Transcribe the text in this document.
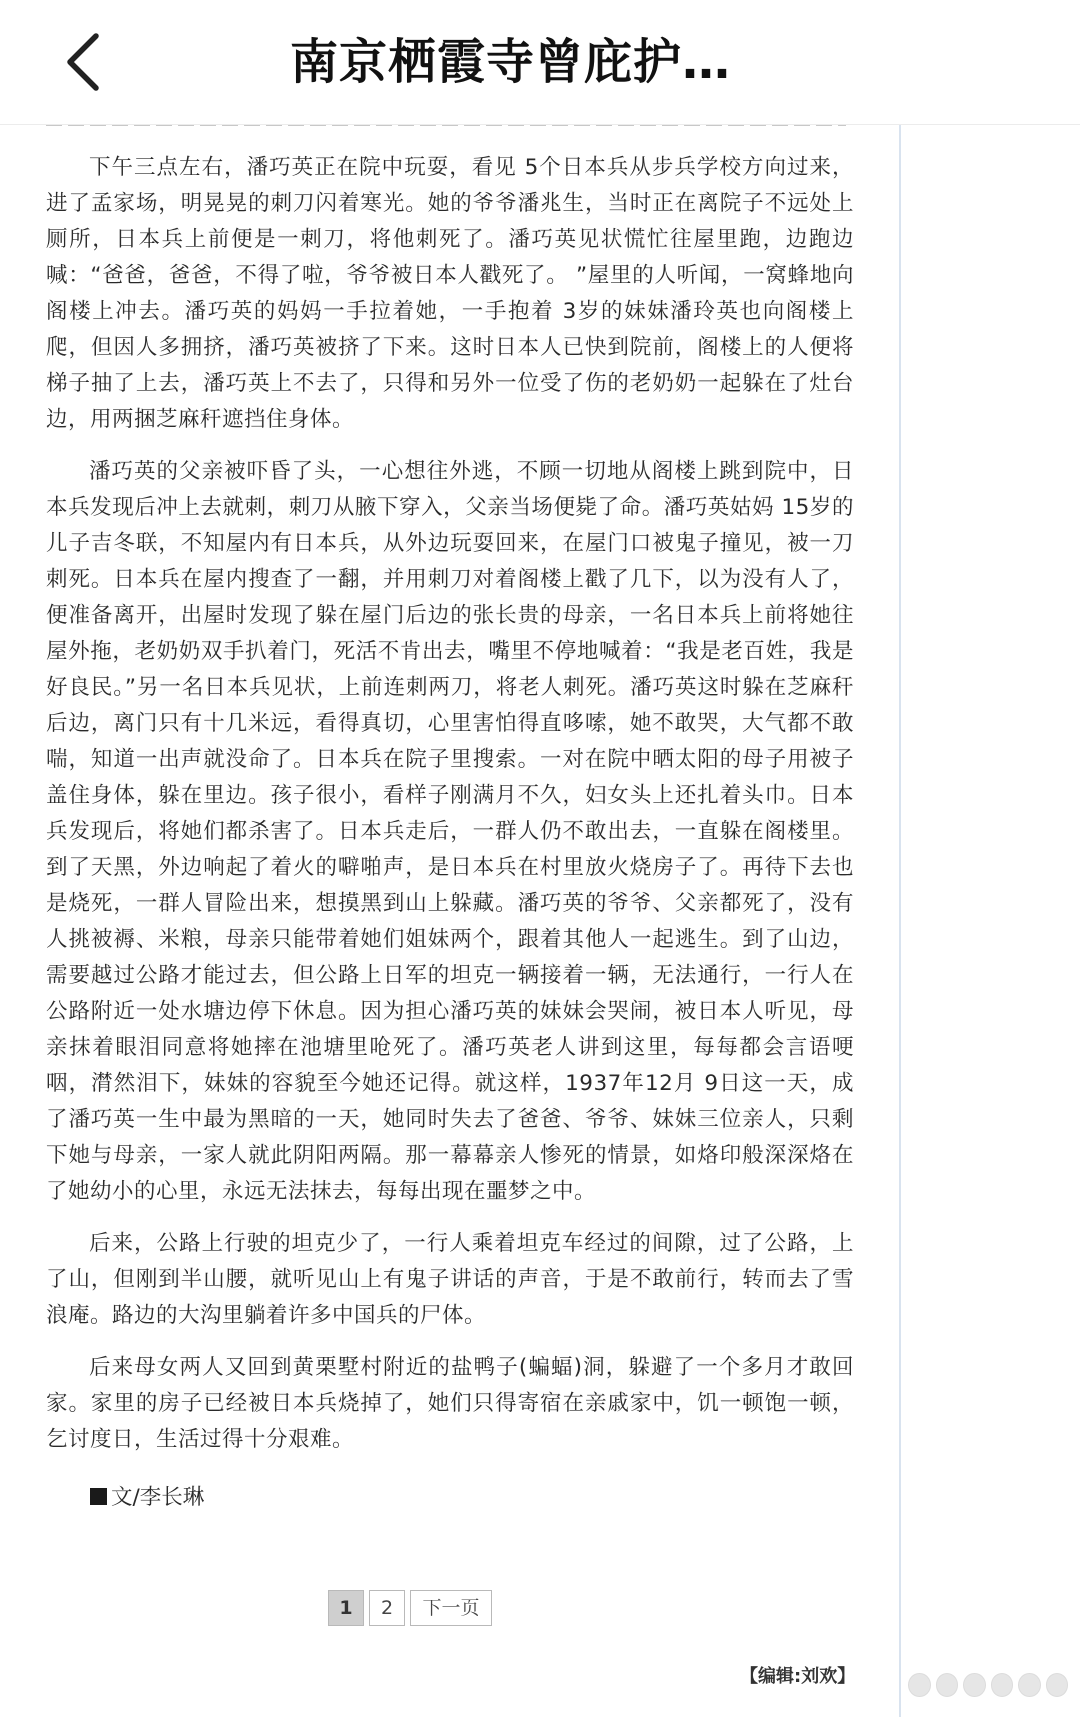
南京栖霞寺曾庇护…

下午三点左右，潘巧英正在院中玩耍，看见 5个日本兵从步兵学校方向过来，进了孟家场，明晃晃的刺刀闪着寒光。她的爷爷潘兆生，当时正在离院子不远处上厕所，日本兵上前便是一刺刀，将他刺死了。潘巧英见状慌忙往屋里跑，边跑边喊：“爸爸，爸爸，不得了啦，爷爷被日本人戳死了。 ”屋里的人听闻，一窝蜂地向阁楼上冲去。潘巧英的妈妈一手拉着她，一手抱着 3岁的妹妹潘玲英也向阁楼上爬，但因人多拥挤，潘巧英被挤了下来。这时日本人已快到院前，阁楼上的人便将梯子抽了上去，潘巧英上不去了，只得和另外一位受了伤的老奶奶一起躲在了灶台边，用两捆芝麻秆遮挡住身体。

潘巧英的父亲被吓昏了头，一心想往外逃，不顾一切地从阁楼上跳到院中，日本兵发现后冲上去就刺，刺刀从腋下穿入，父亲当场便毙了命。潘巧英姑妈 15岁的儿子吉冬联，不知屋内有日本兵，从外边玩耍回来，在屋门口被鬼子撞见，被一刀刺死。日本兵在屋内搜查了一翻，并用刺刀对着阁楼上戳了几下，以为没有人了，便准备离开，出屋时发现了躲在屋门后边的张长贵的母亲，一名日本兵上前将她往屋外拖，老奶奶双手扒着门，死活不肯出去，嘴里不停地喊着：“我是老百姓，我是好良民。”另一名日本兵见状，上前连刺两刀，将老人刺死。潘巧英这时躲在芝麻秆后边，离门只有十几米远，看得真切，心里害怕得直哆嗦，她不敢哭，大气都不敢喘，知道一出声就没命了。日本兵在院子里搜索。一对在院中晒太阳的母子用被子盖住身体，躲在里边。孩子很小，看样子刚满月不久，妇女头上还扎着头巾。日本兵发现后，将她们都杀害了。日本兵走后，一群人仍不敢出去，一直躲在阁楼里。到了天黑，外边响起了着火的噼啪声，是日本兵在村里放火烧房子了。再待下去也是烧死，一群人冒险出来，想摸黑到山上躲藏。潘巧英的爷爷、父亲都死了，没有人挑被褥、米粮，母亲只能带着她们姐妹两个，跟着其他人一起逃生。到了山边，需要越过公路才能过去，但公路上日军的坦克一辆接着一辆，无法通行，一行人在公路附近一处水塘边停下休息。因为担心潘巧英的妹妹会哭闹，被日本人听见，母亲抹着眼泪同意将她摔在池塘里呛死了。潘巧英老人讲到这里，每每都会言语哽咽，潸然泪下，妹妹的容貌至今她还记得。就这样，1937年12月 9日这一天，成了潘巧英一生中最为黑暗的一天，她同时失去了爸爸、爷爷、妹妹三位亲人，只剩下她与母亲，一家人就此阴阳两隔。那一幕幕亲人惨死的情景，如烙印般深深烙在了她幼小的心里，永远无法抹去，每每出现在噩梦之中。

后来，公路上行驶的坦克少了，一行人乘着坦克车经过的间隙，过了公路，上了山，但刚到半山腰，就听见山上有鬼子讲话的声音，于是不敢前行，转而去了雪浪庵。路边的大沟里躺着许多中国兵的尸体。

后来母女两人又回到黄栗墅村附近的盐鸭子(蝙蝠)洞，躲避了一个多月才敢回家。家里的房子已经被日本兵烧掉了，她们只得寄宿在亲戚家中，饥一顿饱一顿，乞讨度日，生活过得十分艰难。

文/李长琳
1	2	下一页
【编辑:刘欢】
